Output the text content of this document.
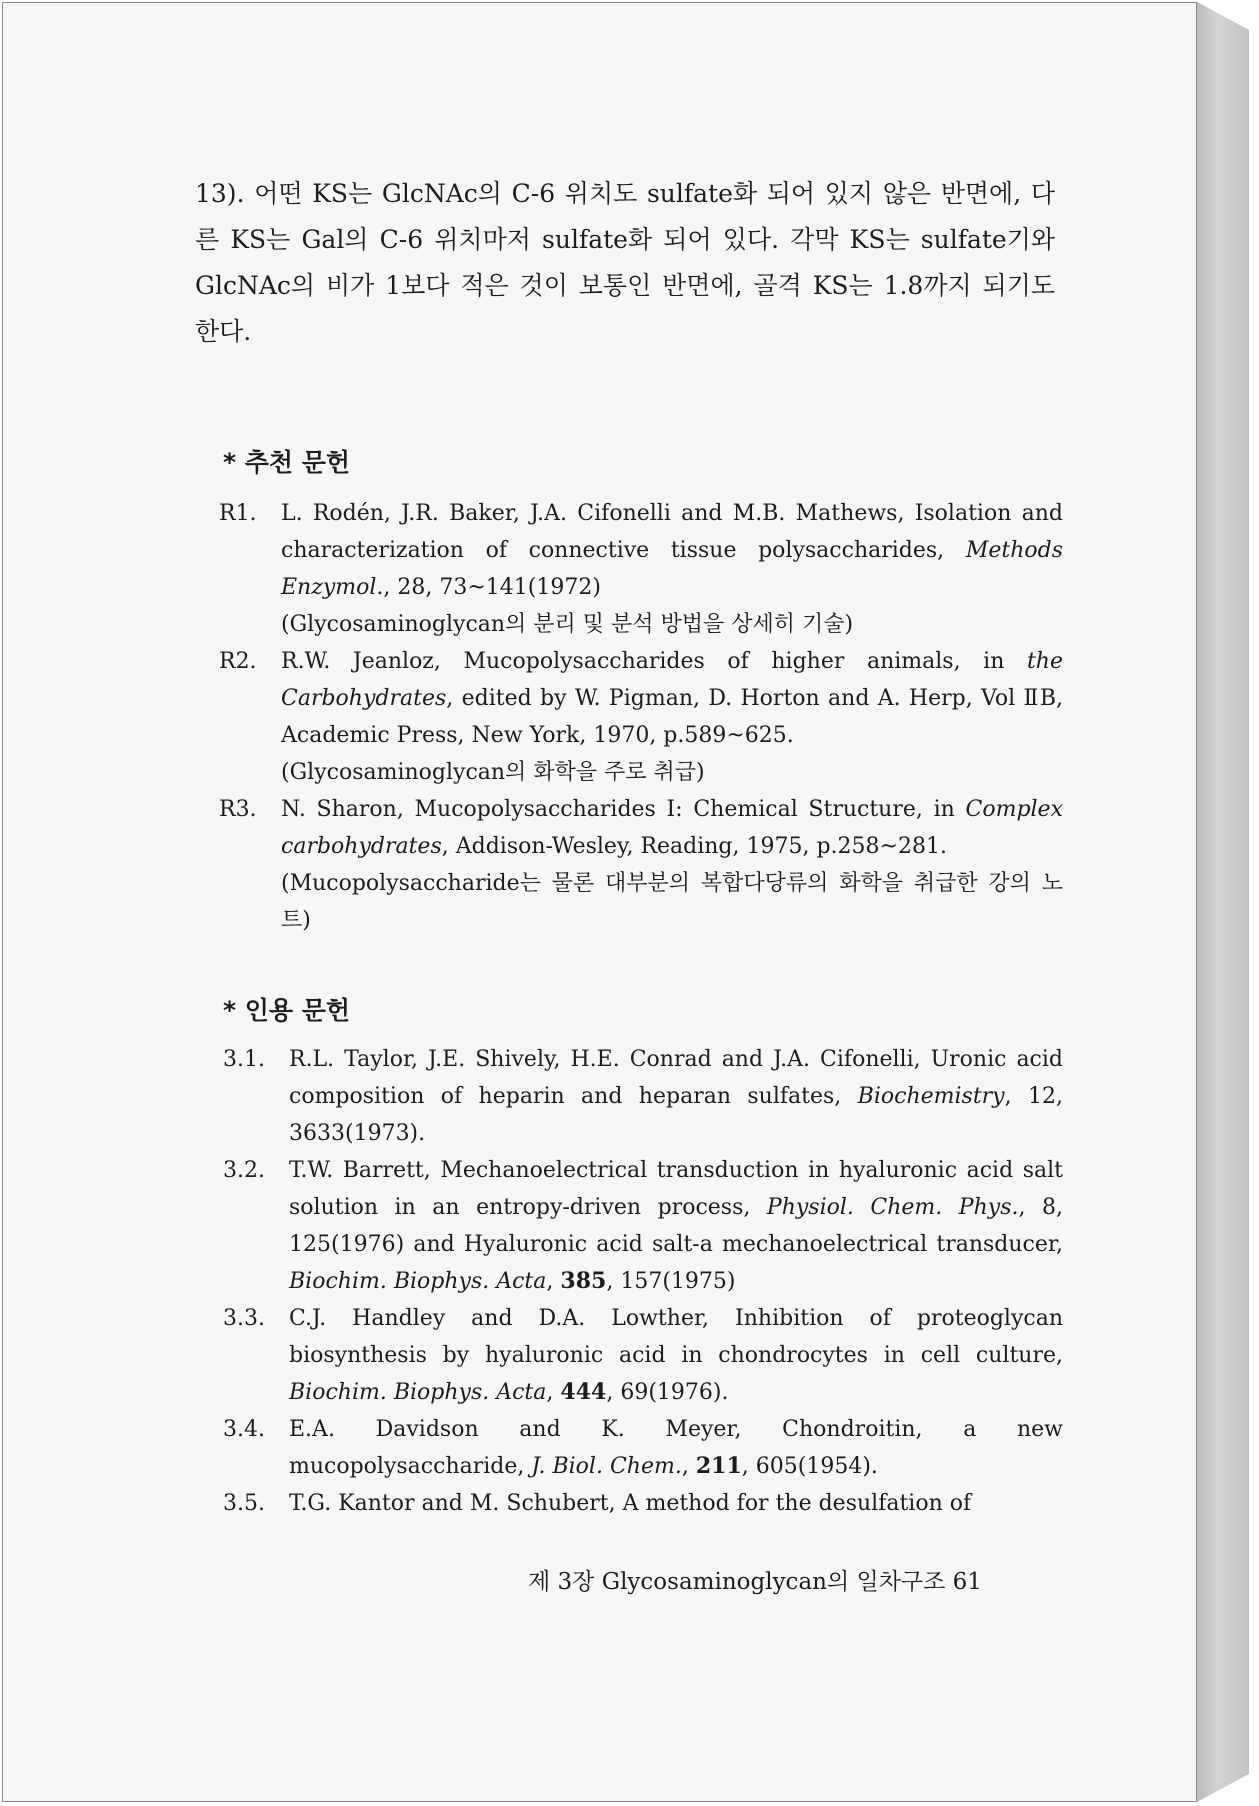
13). 어떤 KS는 GlcNAc의 C-6 위치도 sulfate화 되어 있지 않은 반면에, 다른 KS는 Gal의 C-6 위치마저 sulfate화 되어 있다. 각막 KS는 sulfate기와 GlcNAc의 비가 1보다 적은 것이 보통인 반면에, 골격 KS는 1.8까지 되기도 한다.
* 추천 문헌
R1. L. Rodén, J.R. Baker, J.A. Cifonelli and M.B. Mathews, Isolation and characterization of connective tissue polysaccharides, Methods Enzymol., 28, 73~141(1972)
(Glycosaminoglycan의 분리 및 분석 방법을 상세히 기술)
R2. R.W. Jeanloz, Mucopolysaccharides of higher animals, in the Carbohydrates, edited by W. Pigman, D. Horton and A. Herp, Vol ⅡB, Academic Press, New York, 1970, p.589~625.
(Glycosaminoglycan의 화학을 주로 취급)
R3. N. Sharon, Mucopolysaccharides I: Chemical Structure, in Complex carbohydrates, Addison-Wesley, Reading, 1975, p.258~281.
(Mucopolysaccharide는 물론 대부분의 복합다당류의 화학을 취급한 강의 노트)
* 인용 문헌
3.1. R.L. Taylor, J.E. Shively, H.E. Conrad and J.A. Cifonelli, Uronic acid composition of heparin and heparan sulfates, Biochemistry, 12, 3633(1973).
3.2. T.W. Barrett, Mechanoelectrical transduction in hyaluronic acid salt solution in an entropy-driven process, Physiol. Chem. Phys., 8, 125(1976) and Hyaluronic acid salt-a mechanoelectrical transducer, Biochim. Biophys. Acta, 385, 157(1975)
3.3. C.J. Handley and D.A. Lowther, Inhibition of proteoglycan biosynthesis by hyaluronic acid in chondrocytes in cell culture, Biochim. Biophys. Acta, 444, 69(1976).
3.4. E.A. Davidson and K. Meyer, Chondroitin, a new mucopolysaccharide, J. Biol. Chem., 211, 605(1954).
3.5. T.G. Kantor and M. Schubert, A method for the desulfation of
제 3장 Glycosaminoglycan의 일차구조 61
